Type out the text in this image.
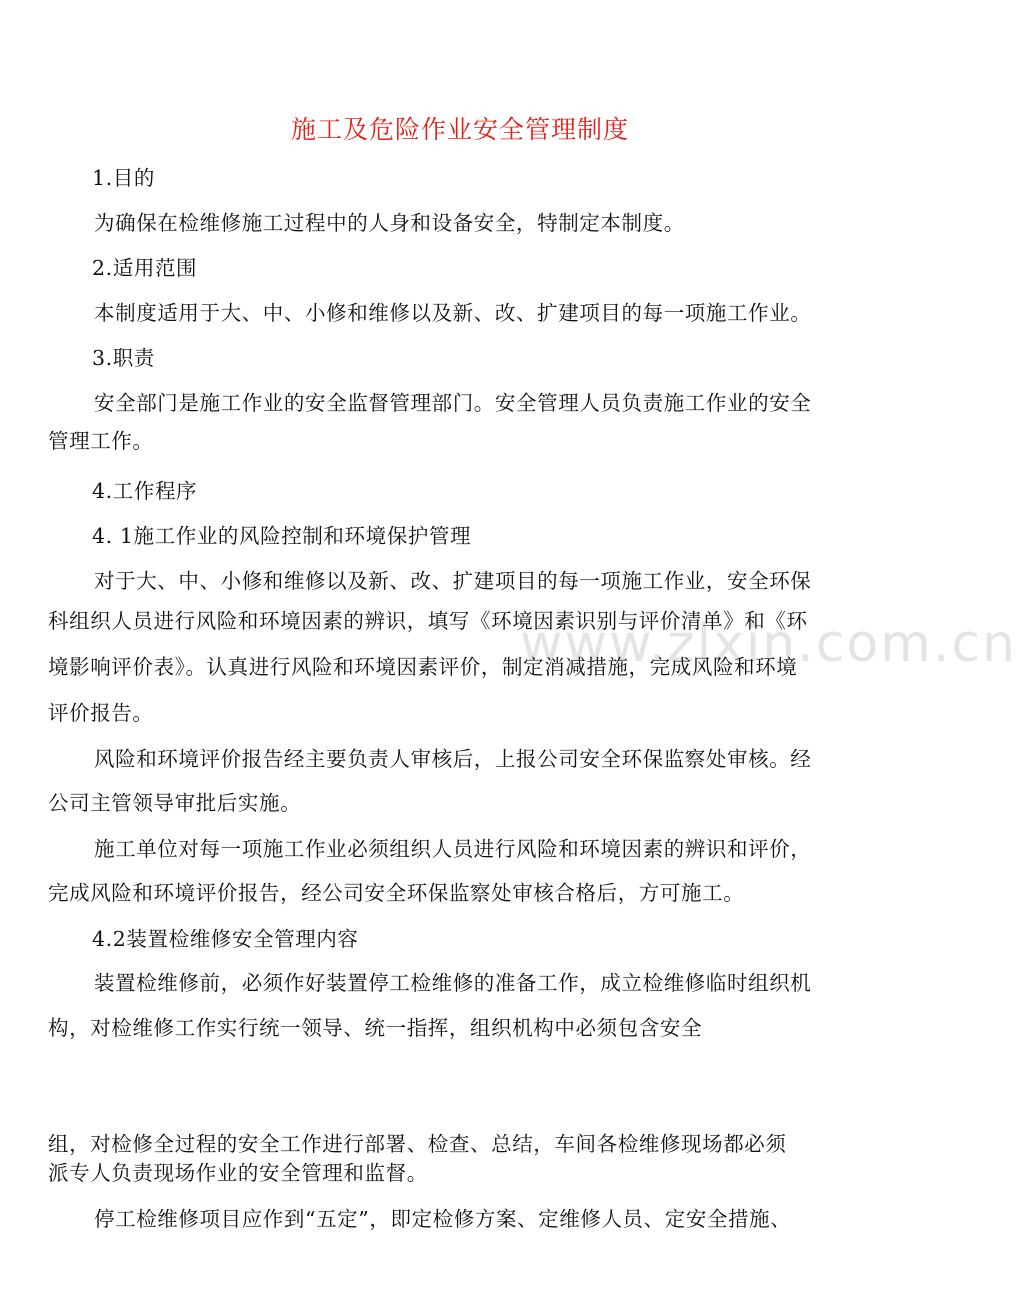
www.zlxin.com.cn
施工及危险作业安全管理制度
1.目的
为确保在检维修施工过程中的人身和设备安全，特制定本制度。
2.适用范围
本制度适用于大、中、小修和维修以及新、改、扩建项目的每一项施工作业。
3.职责
安全部门是施工作业的安全监督管理部门。安全管理人员负责施工作业的安全
管理工作。
4.工作程序
4. 1施工作业的风险控制和环境保护管理
对于大、中、小修和维修以及新、改、扩建项目的每一项施工作业，安全环保
科组织人员进行风险和环境因素的辨识，填写《环境因素识别与评价清单》和《环
境影响评价表》。认真进行风险和环境因素评价，制定消减措施，完成风险和环境
评价报告。
风险和环境评价报告经主要负责人审核后，上报公司安全环保监察处审核。经
公司主管领导审批后实施。
施工单位对每一项施工作业必须组织人员进行风险和环境因素的辨识和评价，
完成风险和环境评价报告，经公司安全环保监察处审核合格后，方可施工。
4.2装置检维修安全管理内容
装置检维修前，必须作好装置停工检维修的准备工作，成立检维修临时组织机
构，对检维修工作实行统一领导、统一指挥，组织机构中必须包含安全
组，对检修全过程的安全工作进行部署、检查、总结，车间各检维修现场都必须
派专人负责现场作业的安全管理和监督。
停工检维修项目应作到“五定”，即定检修方案、定维修人员、定安全措施、
